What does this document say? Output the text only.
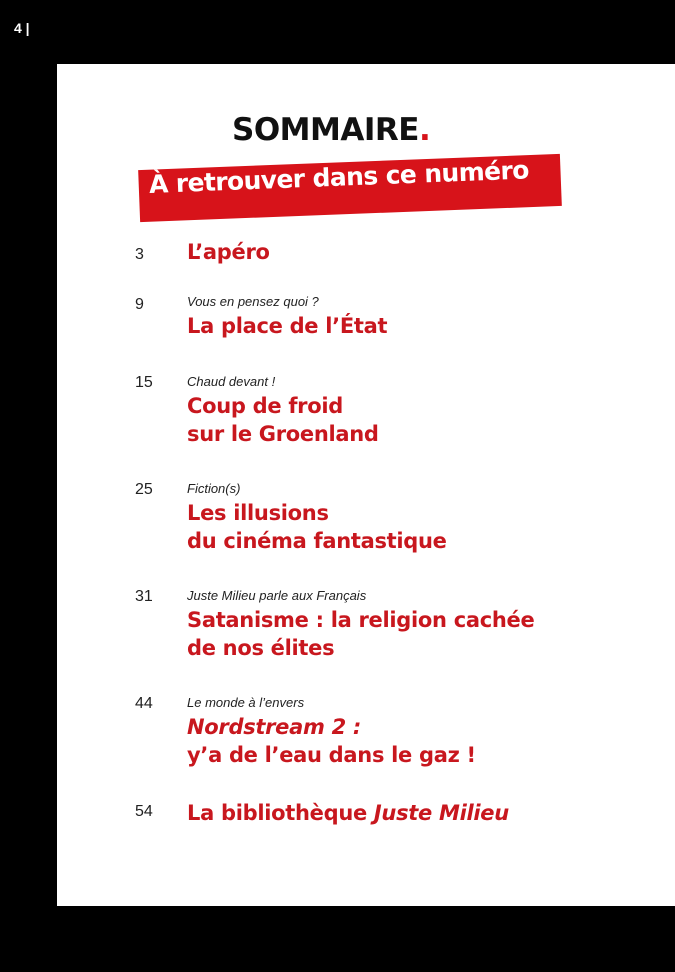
4 |
SOMMAIRE.
À retrouver dans ce numéro
3	L’apéro
9	Vous en pensez quoi ?
La place de l’État
15	Chaud devant !
Coup de froid
sur le Groenland
25	Fiction(s)
Les illusions
du cinéma fantastique
31	Juste Milieu parle aux Français
Satanisme : la religion cachée
de nos élites
44	Le monde à l’envers
Nordstream 2 :
y’a de l’eau dans le gaz !
54 La bibliothèque Juste Milieu
